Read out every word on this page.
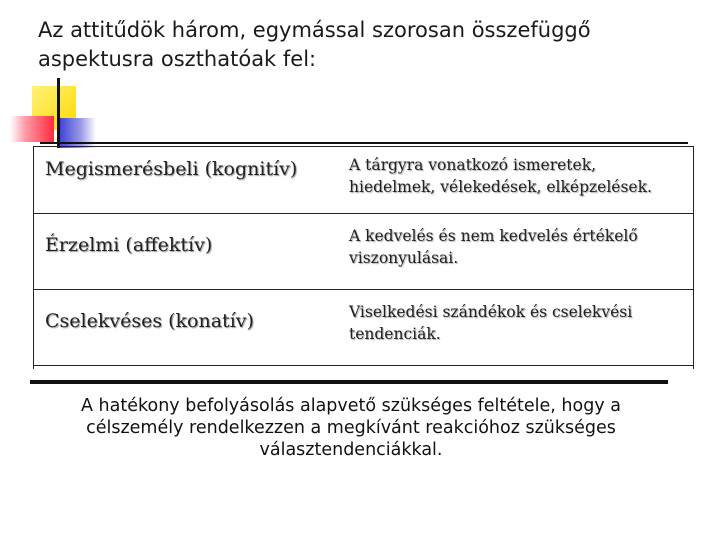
Az attitűdök három, egymással szorosan összefüggő aspektusra oszthatóak fel:
Megismerésbeli (kognitív)	A tárgyra vonatkozó ismeretek, hiedelmek, vélekedések, elképzelések.
Érzelmi (affektív)	A kedvelés és nem kedvelés értékelő viszonyulásai.
Cselekvéses (konatív)	Viselkedési szándékok és cselekvési tendenciák.
A hatékony befolyásolás alapvető szükséges feltétele, hogy a célszemély rendelkezzen a megkívánt reakcióhoz szükséges választendenciákkal.
